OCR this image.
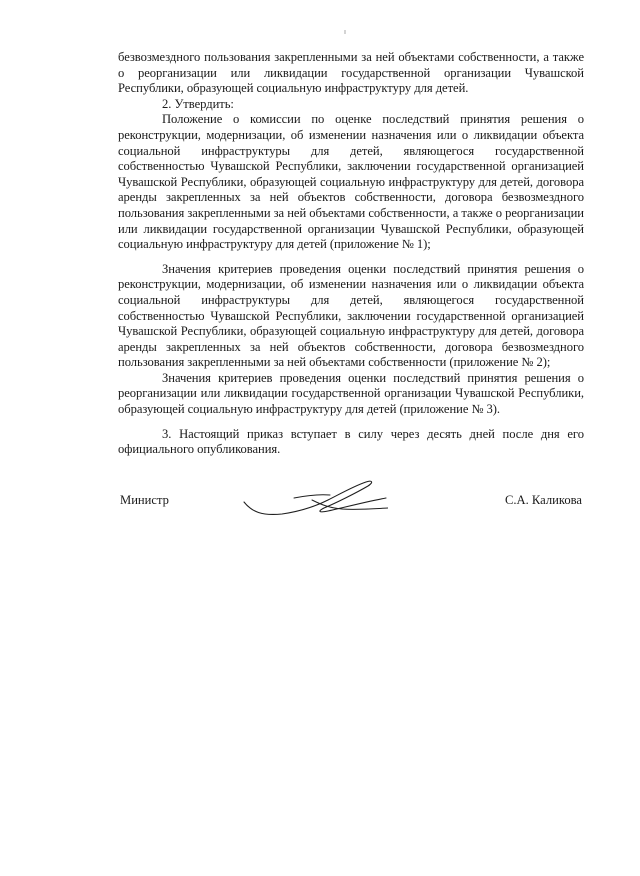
безвозмездного пользования закрепленными за ней объектами собственности, а также о реорганизации или ликвидации государственной организации Чувашской Республики, образующей социальную инфраструктуру для детей.

2. Утвердить:

Положение о комиссии по оценке последствий принятия решения о реконструкции, модернизации, об изменении назначения или о ликвидации объекта социальной инфраструктуры для детей, являющегося государственной собственностью Чувашской Республики, заключении государственной организацией Чувашской Республики, образующей социальную инфраструктуру для детей, договора аренды закрепленных за ней объектов собственности, договора безвозмездного пользования закрепленными за ней объектами собственности, а также о реорганизации или ликвидации государственной организации Чувашской Республики, образующей социальную инфраструктуру для детей (приложение № 1);

Значения критериев проведения оценки последствий принятия решения о реконструкции, модернизации, об изменении назначения или о ликвидации объекта социальной инфраструктуры для детей, являющегося государственной собственностью Чувашской Республики, заключении государственной организацией Чувашской Республики, образующей социальную инфраструктуру для детей, договора аренды закрепленных за ней объектов собственности, договора безвозмездного пользования закрепленными за ней объектами собственности (приложение № 2);

Значения критериев проведения оценки последствий принятия решения о реорганизации или ликвидации государственной организации Чувашской Республики, образующей социальную инфраструктуру для детей (приложение № 3).

3. Настоящий приказ вступает в силу через десять дней после дня его официального опубликования.

Министр	С.А. Каликова
